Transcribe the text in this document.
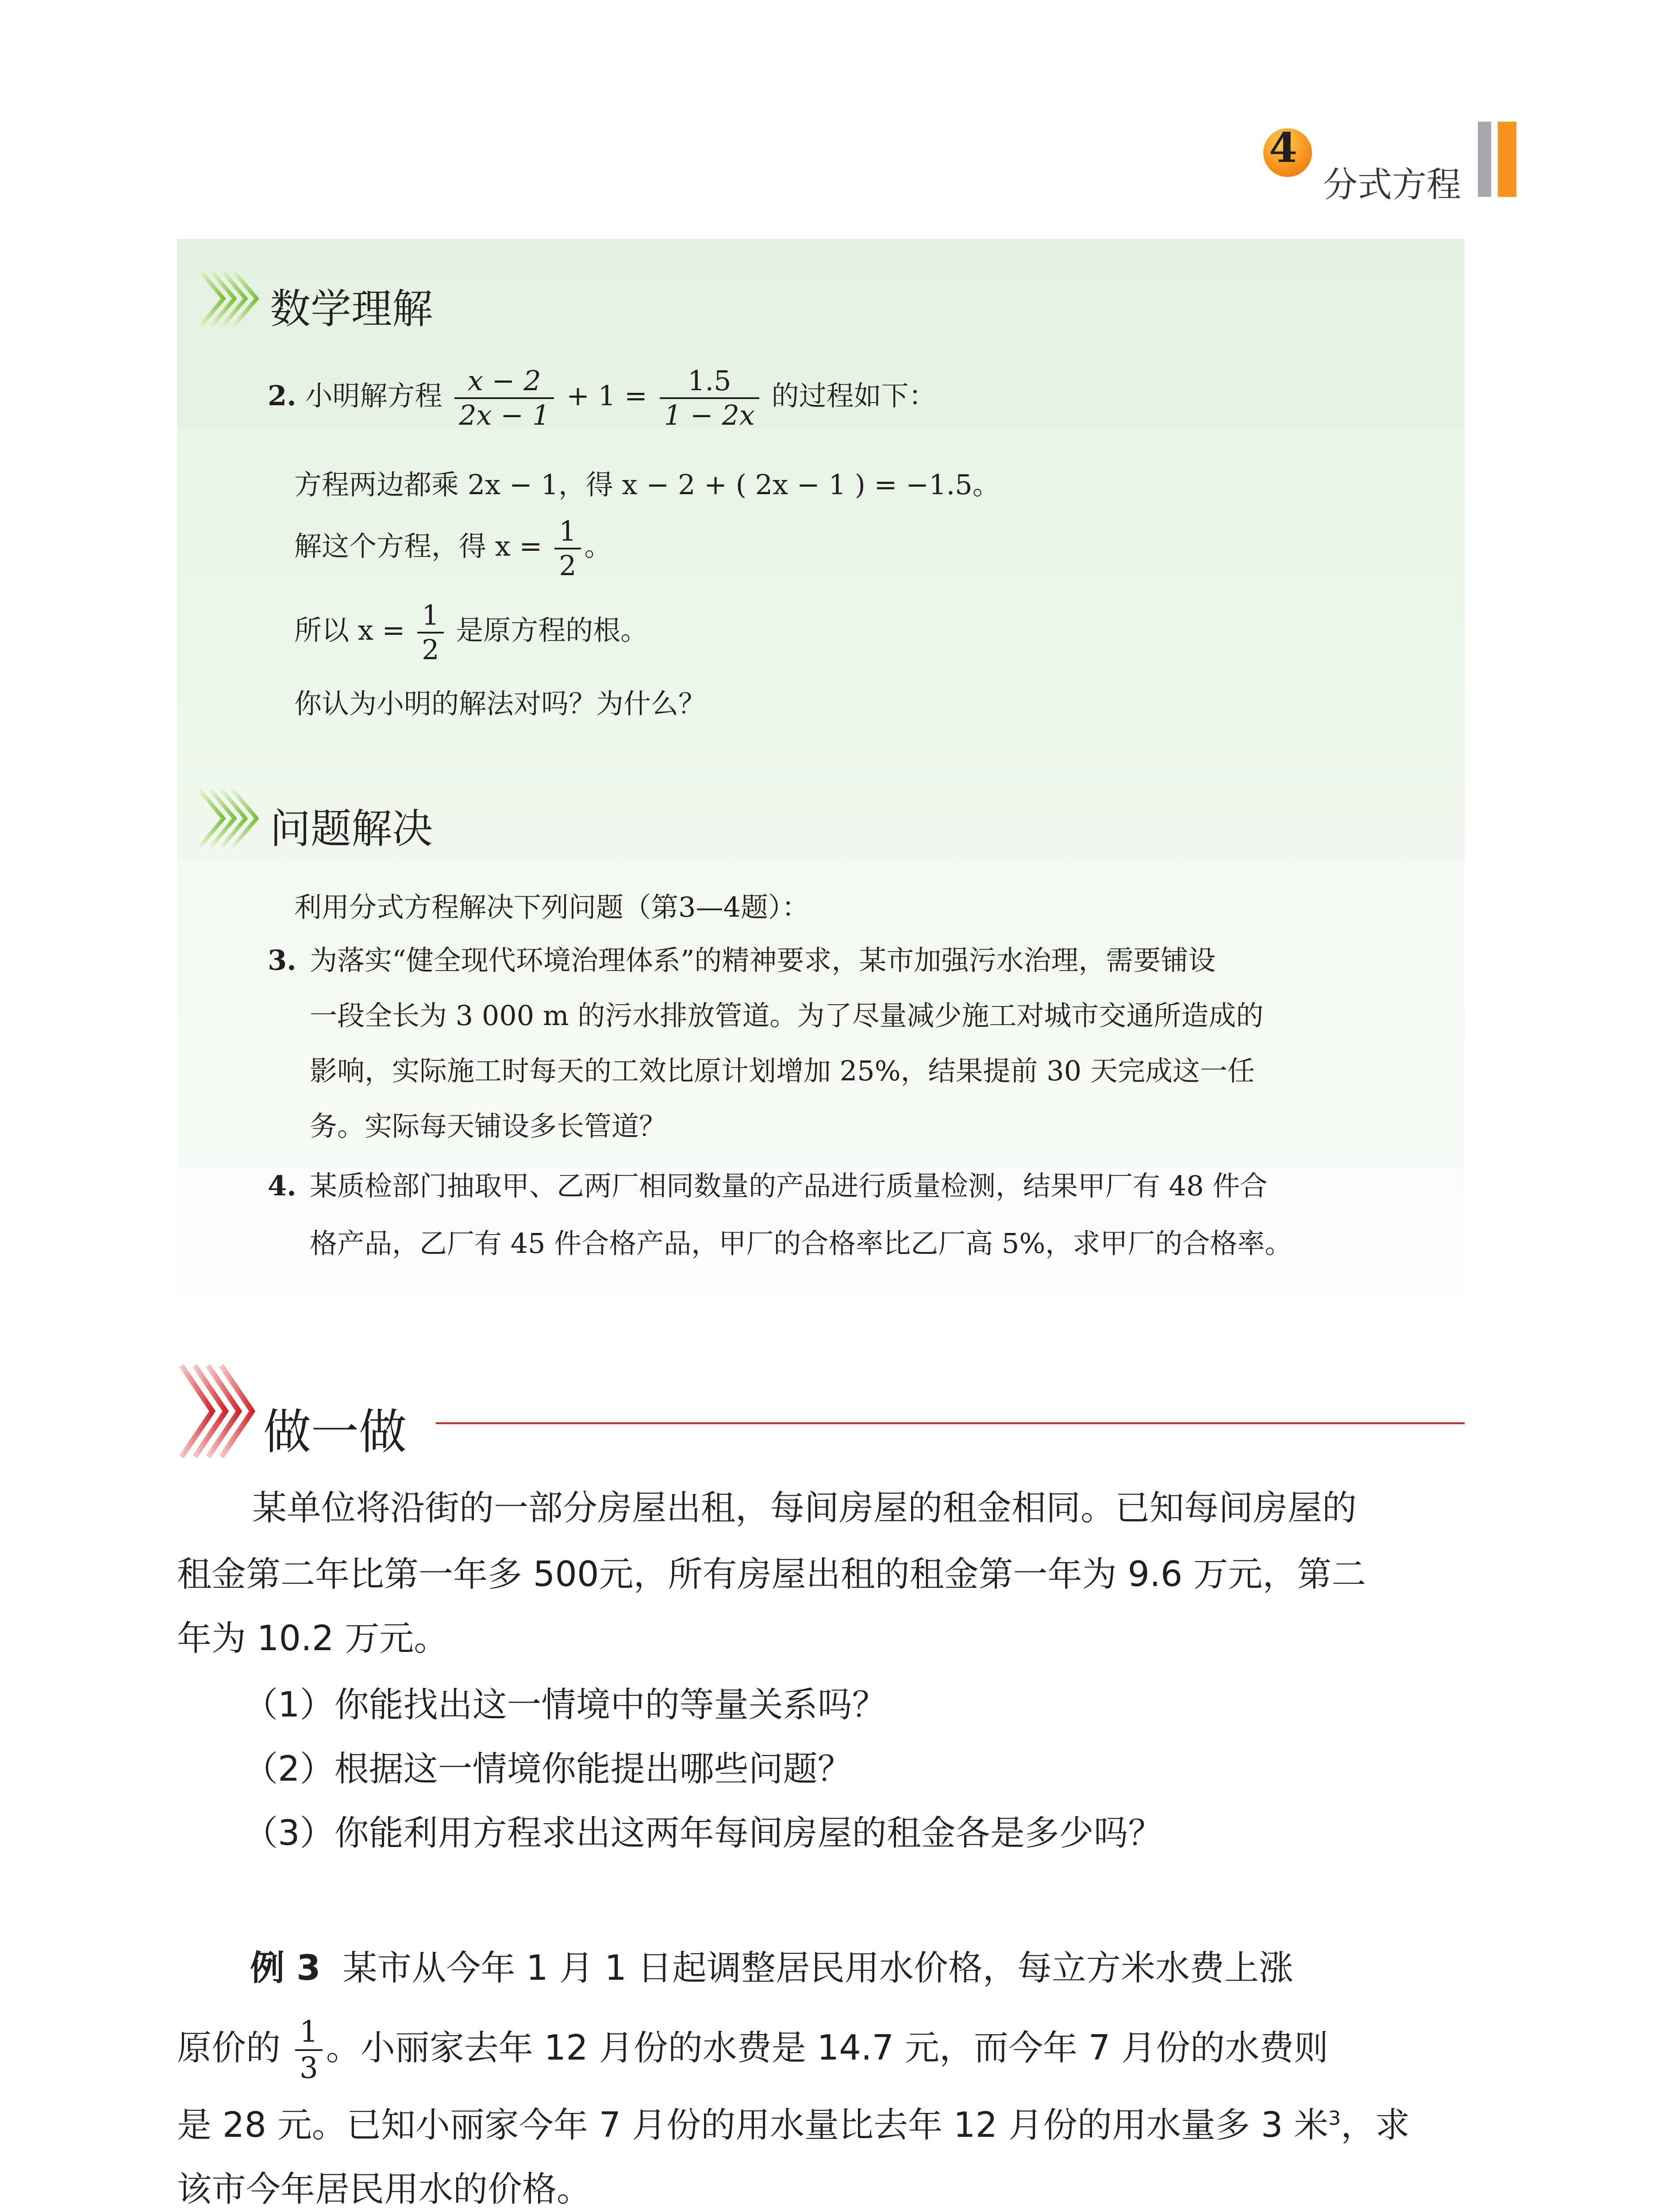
4
分式方程
数学理解
2. 小明解方程 $\frac{x - 2}{2x - 1} + 1 = \frac{1.5}{1 - 2x}$ 的过程如下：
方程两边都乘 2x − 1，得 x − 2 + ( 2x − 1 ) = −1.5。
解这个方程，得 $x = \frac{1}{2}$ 。
所以 $x = \frac{1}{2}$ 是原方程的根。
你认为小明的解法对吗？为什么？
问题解决
利用分式方程解决下列问题（第3—4题）：
3. 为落实“健全现代环境治理体系”的精神要求，某市加强污水治理，需要铺设
一段全长为 3 000 m 的污水排放管道。为了尽量减少施工对城市交通所造成的
影响，实际施工时每天的工效比原计划增加 25%，结果提前 30 天完成这一任
务。实际每天铺设多长管道？
4. 某质检部门抽取甲、乙两厂相同数量的产品进行质量检测，结果甲厂有 48 件合
格产品，乙厂有 45 件合格产品，甲厂的合格率比乙厂高 5%，求甲厂的合格率。
做一做
某单位将沿街的一部分房屋出租，每间房屋的租金相同。已知每间房屋的
租金第二年比第一年多 500元，所有房屋出租的租金第一年为 9.6 万元，第二
年为 10.2 万元。
（1）你能找出这一情境中的等量关系吗？
（2）根据这一情境你能提出哪些问题？
（3）你能利用方程求出这两年每间房屋的租金各是多少吗？
例 3 某市从今年 1 月 1 日起调整居民用水价格，每立方米水费上涨
原价的 $\frac{1}{3}$ 。小丽家去年 12 月份的水费是 14.7 元，而今年 7 月份的水费则
是 28 元。已知小丽家今年 7 月份的用水量比去年 12 月份的用水量多 3 米$^3$，求
该市今年居民用水的价格。
